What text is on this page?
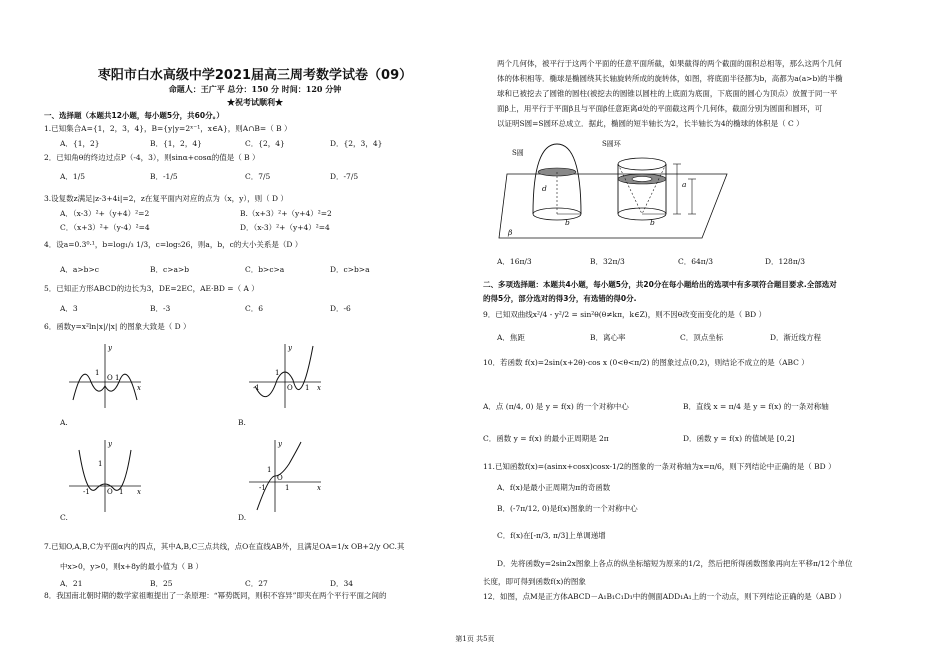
枣阳市白水高级中学2021届高三周考数学试卷（09）
命题人：王广平 总分：150 分 时间：120 分钟
★祝考试顺利★
一、选择题（本题共12小题，每小题5分，共60分。）
1.已知集合A={1，2，3，4}，B={y|y=2ˣ⁻¹，x∈A}，则A∩B=（ B ）
A．{1，2}	B．{1，2，4}	C．{2，4}	D．{2，3，4}
2．已知角θ的终边过点P（-4，3），则sinα+cosα的值是（ B ）
A．1/5	B．-1/5	C．7/5	D．-7/5
3.设复数z满足|z-3+4i|=2，z在复平面内对应的点为（x，y），则（ D ）
A．（x-3）²+（y+4）²=2	B.（x+3）²+（y+4）²=2
C．（x+3）²+（y-4）²=4	D．（x-3）²+（y+4）²=4
4．设a=0.3⁰·¹，b=log₁/₃ 1/3，c=log₅26，则a，b，c的大小关系是（D ）
A．a>b>c	B．c>a>b	C．b>c>a	D．c>b>a
5．已知正方形ABCD的边长为3，DE=2EC，AE·BD =（ A ）
A．3	B．-3	C．6	D．-6
6．函数y=x²ln|x|/|x| 的图象大致是（ D ）
y
x
1
O 1
A.
y
x
1
-1	O 1
B.
y
x
1
-1 O 1
C.
y
x
1
-1
O
1
D.
7.已知O,A,B,C为平面α内的四点，其中A,B,C三点共线，点O在直线AB外，且满足OA=1/x OB+2/y OC.其
中x>0，y>0，则x+8y的最小值为（ B ）
A．21	B．25	C．27	D．34
8．我国南北朝时期的数学家祖暅提出了一条原理：“幂势既同，则积不容异”即夹在两个平行平面之间的
两个几何体，被平行于这两个平面的任意平面所截，如果截得的两个截面的面积总相等，那么这两个几何
体的体积相等．椭球是椭圆绕其长轴旋转所成的旋转体，如图，将底面半径都为b，高都为a(a>b)的半椭
球和已被挖去了圆锥的圆柱(被挖去的圆锥以圆柱的上底面为底面，下底面的圆心为顶点）放置于同一平
面β上，用平行于平面β且与平面β任意距离d处的平面截这两个几何体，截面分别为圆面和圆环，可
以证明S圆=S圆环总成立．据此，椭圆的短半轴长为2，长半轴长为4的椭球的体积是（ C ）
S圆
S圆环
d	a
b	b
β
A．16π/3	B．32π/3	C．64π/3	D．128π/3
二、多项选择题：本题共4小题，每小题5分，共20分在每小题给出的选项中有多项符合题目要求.全部选对
的得5分，部分选对的得3分，有选错的得0分.
9．已知双曲线x²/4 - y²/2 = sin²θ(θ≠kπ，k∈Z)，则不因θ改变而变化的是（ BD ）
A．焦距	B．离心率	C．顶点坐标	D．渐近线方程
10．若函数 f(x)=2sin(x+2θ)·cos x (0<θ<π/2) 的图象过点(0,2)，则结论不成立的是（ABC ）
A．点 (π/4, 0) 是 y = f(x) 的一个对称中心	B．直线 x = π/4 是 y = f(x) 的一条对称轴
C．函数 y = f(x) 的最小正周期是 2π	D．函数 y = f(x) 的值域是 [0,2]
11.已知函数f(x)=(asinx+cosx)cosx-1/2的图象的一条对称轴为x=π/6，则下列结论中正确的是（ BD ）
A．f(x)是最小正周期为π的奇函数
B．(-7π/12, 0)是f(x)图象的一个对称中心
C．f(x)在[-π/3, π/3]上单调递增
D．先将函数y=2sin2x图象上各点的纵坐标缩短为原来的1/2，然后把所得函数图象再向左平移π/12个单位
长度，即可得到函数f(x)的图象
12．如图，点M是正方体ABCD－A₁B₁C₁D₁中的侧面ADD₁A₁上的一个动点，则下列结论正确的是（ABD ）
第1页 共5页
